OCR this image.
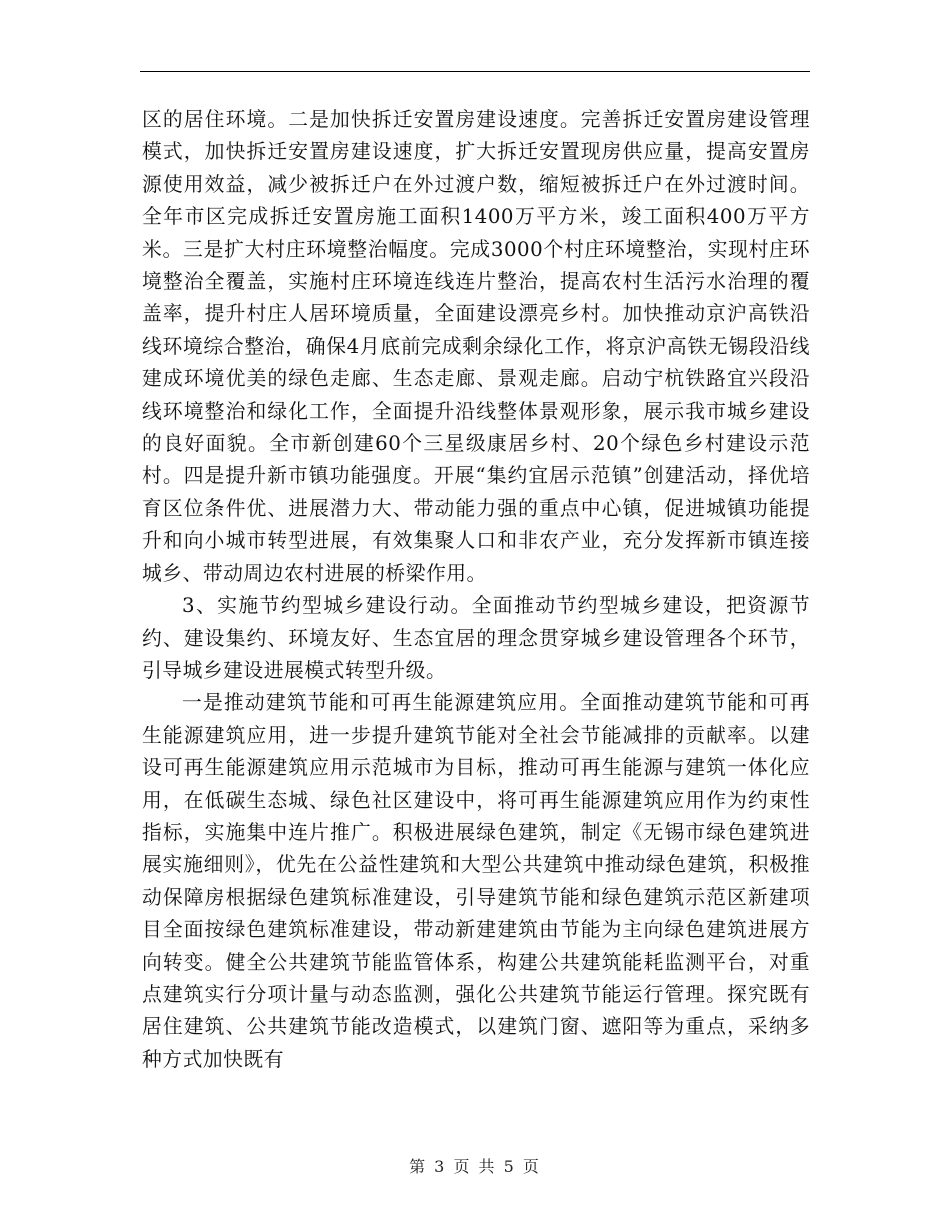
区的居住环境。二是加快拆迁安置房建设速度。完善拆迁安置房建设管理模式，加快拆迁安置房建设速度，扩大拆迁安置现房供应量，提高安置房源使用效益，减少被拆迁户在外过渡户数，缩短被拆迁户在外过渡时间。全年市区完成拆迁安置房施工面积1400万平方米，竣工面积400万平方米。三是扩大村庄环境整治幅度。完成3000个村庄环境整治，实现村庄环境整治全覆盖，实施村庄环境连线连片整治，提高农村生活污水治理的覆盖率，提升村庄人居环境质量，全面建设漂亮乡村。加快推动京沪高铁沿线环境综合整治，确保4月底前完成剩余绿化工作，将京沪高铁无锡段沿线建成环境优美的绿色走廊、生态走廊、景观走廊。启动宁杭铁路宜兴段沿线环境整治和绿化工作，全面提升沿线整体景观形象，展示我市城乡建设的良好面貌。全市新创建60个三星级康居乡村、20个绿色乡村建设示范村。四是提升新市镇功能强度。开展“集约宜居示范镇”创建活动，择优培育区位条件优、进展潜力大、带动能力强的重点中心镇，促进城镇功能提升和向小城市转型进展，有效集聚人口和非农产业，充分发挥新市镇连接城乡、带动周边农村进展的桥梁作用。

3、实施节约型城乡建设行动。全面推动节约型城乡建设，把资源节约、建设集约、环境友好、生态宜居的理念贯穿城乡建设管理各个环节，引导城乡建设进展模式转型升级。

一是推动建筑节能和可再生能源建筑应用。全面推动建筑节能和可再生能源建筑应用，进一步提升建筑节能对全社会节能减排的贡献率。以建设可再生能源建筑应用示范城市为目标，推动可再生能源与建筑一体化应用，在低碳生态城、绿色社区建设中，将可再生能源建筑应用作为约束性指标，实施集中连片推广。积极进展绿色建筑，制定《无锡市绿色建筑进展实施细则》，优先在公益性建筑和大型公共建筑中推动绿色建筑，积极推动保障房根据绿色建筑标准建设，引导建筑节能和绿色建筑示范区新建项目全面按绿色建筑标准建设，带动新建建筑由节能为主向绿色建筑进展方向转变。健全公共建筑节能监管体系，构建公共建筑能耗监测平台，对重点建筑实行分项计量与动态监测，强化公共建筑节能运行管理。探究既有居住建筑、公共建筑节能改造模式，以建筑门窗、遮阳等为重点，采纳多种方式加快既有

第 3 页 共 5 页
